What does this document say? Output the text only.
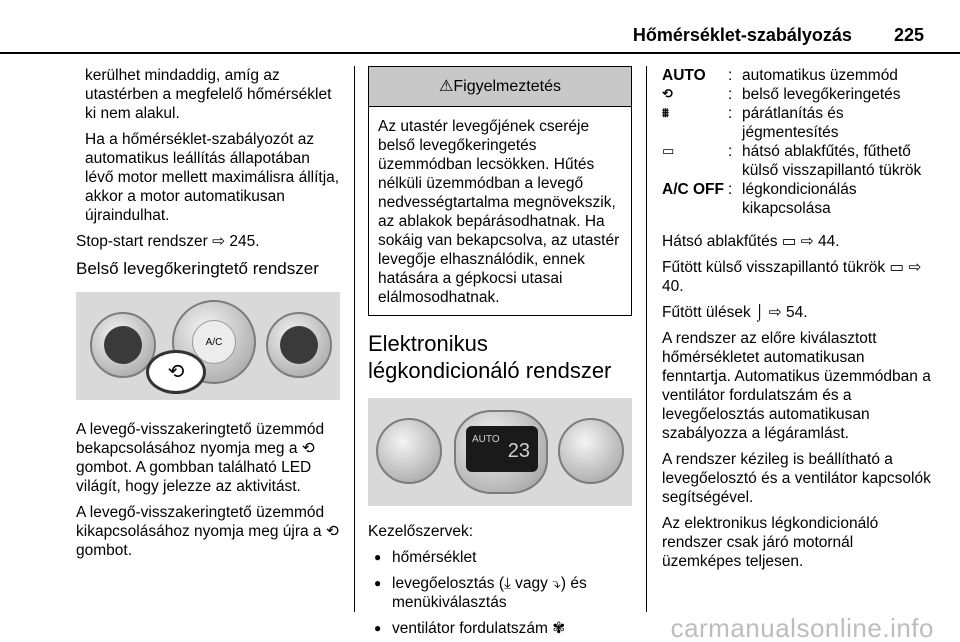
Hőmérséklet-szabályozás 225

kerülhet mindaddig, amíg az utastérben a megfelelő hőmérséklet ki nem alakul.

Ha a hőmérséklet-szabályozót az automatikus leállítás állapotában lévő motor mellett maximálisra állítja, akkor a motor automatikusan újraindulhat.

Stop-start rendszer ⇨ 245.

Belső levegőkeringtető rendszer
A/C
⟲

A levegő-visszakeringtető üzemmód bekapcsolásához nyomja meg a ⟲ gombot. A gombban található LED világít, hogy jelezze az aktivitást.

A levegő-visszakeringtető üzemmód kikapcsolásához nyomja meg újra a ⟲ gombot.

⚠Figyelmeztetés
Az utastér levegőjének cseréje belső levegőkeringetés üzemmódban lecsökken. Hűtés nélküli üzemmódban a levegő nedvességtartalma megnövekszik, az ablakok bepárásodhatnak. Ha sokáig van bekapcsolva, az utastér levegője elhasználódik, ennek hatására a gépkocsi utasai elálmosodhatnak.
Elektronikus légkondicionáló rendszer
AUTO
23

Kezelőszervek:

● hőmérséklet
● levegőelosztás (⤓ vagy ⤵) és menükiválasztás
● ventilátor fordulatszám ✾
AUTO	: automatikus üzemmód
⟲	: belső levegőkeringetés
⩩	: párátlanítás és jégmentesítés
▭	: hátsó ablakfűtés, fűthető külső visszapillantó tükrök
A/C OFF : légkondicionálás kikapcsolása

Hátsó ablakfűtés ▭ ⇨ 44.

Fűtött külső visszapillantó tükrök ▭ ⇨ 40.

Fűtött ülések ⌡ ⇨ 54.

A rendszer az előre kiválasztott hőmérsékletet automatikusan fenntartja. Automatikus üzemmódban a ventilátor fordulatszám és a levegőelosztás automatikusan szabályozza a légáramlást.

A rendszer kézileg is beállítható a levegőelosztó és a ventilátor kapcsolók segítségével.

Az elektronikus légkondicionáló rendszer csak járó motornál üzemképes teljesen.

carmanualsonline.info
